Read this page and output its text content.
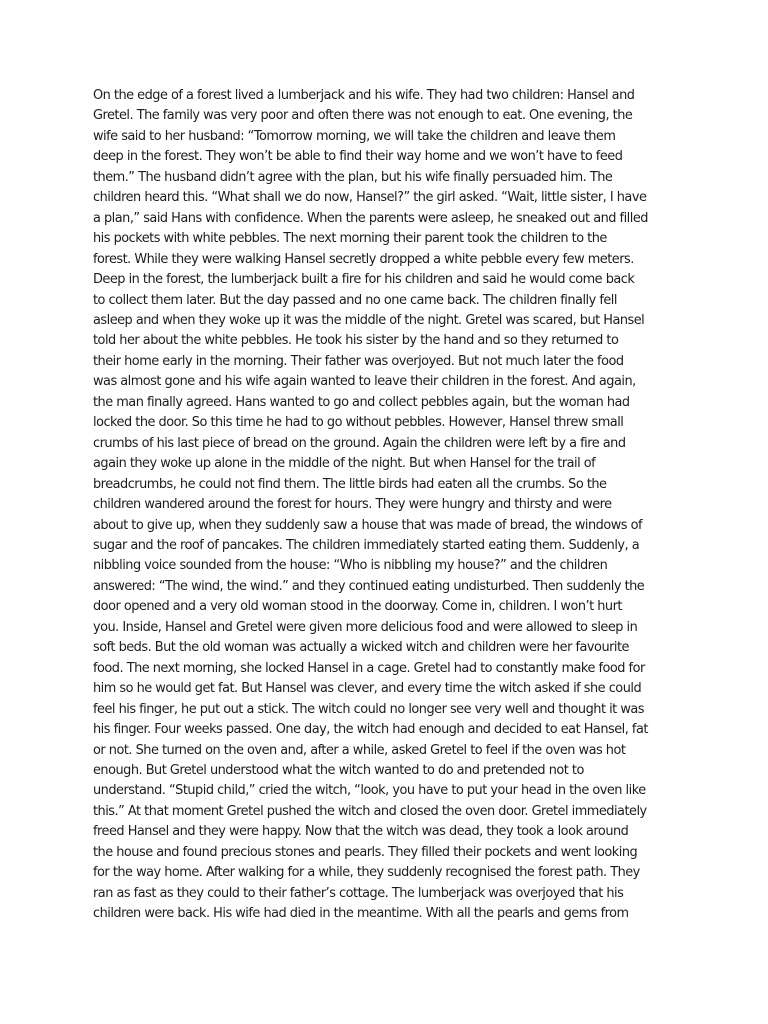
On the edge of a forest lived a lumberjack and his wife. They had two children: Hansel and
Gretel. The family was very poor and often there was not enough to eat. One evening, the
wife said to her husband: “Tomorrow morning, we will take the children and leave them
deep in the forest. They won’t be able to find their way home and we won’t have to feed
them.” The husband didn’t agree with the plan, but his wife finally persuaded him. The
children heard this. “What shall we do now, Hansel?” the girl asked. “Wait, little sister, I have
a plan,” said Hans with confidence. When the parents were asleep, he sneaked out and filled
his pockets with white pebbles. The next morning their parent took the children to the
forest. While they were walking Hansel secretly dropped a white pebble every few meters.
Deep in the forest, the lumberjack built a fire for his children and said he would come back
to collect them later. But the day passed and no one came back. The children finally fell
asleep and when they woke up it was the middle of the night. Gretel was scared, but Hansel
told her about the white pebbles. He took his sister by the hand and so they returned to
their home early in the morning. Their father was overjoyed. But not much later the food
was almost gone and his wife again wanted to leave their children in the forest. And again,
the man finally agreed. Hans wanted to go and collect pebbles again, but the woman had
locked the door. So this time he had to go without pebbles. However, Hansel threw small
crumbs of his last piece of bread on the ground. Again the children were left by a fire and
again they woke up alone in the middle of the night. But when Hansel for the trail of
breadcrumbs, he could not find them. The little birds had eaten all the crumbs. So the
children wandered around the forest for hours. They were hungry and thirsty and were
about to give up, when they suddenly saw a house that was made of bread, the windows of
sugar and the roof of pancakes. The children immediately started eating them. Suddenly, a
nibbling voice sounded from the house: “Who is nibbling my house?” and the children
answered: “The wind, the wind.” and they continued eating undisturbed. Then suddenly the
door opened and a very old woman stood in the doorway. Come in, children. I won’t hurt
you. Inside, Hansel and Gretel were given more delicious food and were allowed to sleep in
soft beds. But the old woman was actually a wicked witch and children were her favourite
food. The next morning, she locked Hansel in a cage. Gretel had to constantly make food for
him so he would get fat. But Hansel was clever, and every time the witch asked if she could
feel his finger, he put out a stick. The witch could no longer see very well and thought it was
his finger. Four weeks passed. One day, the witch had enough and decided to eat Hansel, fat
or not. She turned on the oven and, after a while, asked Gretel to feel if the oven was hot
enough. But Gretel understood what the witch wanted to do and pretended not to
understand. “Stupid child,” cried the witch, “look, you have to put your head in the oven like
this.” At that moment Gretel pushed the witch and closed the oven door. Gretel immediately
freed Hansel and they were happy. Now that the witch was dead, they took a look around
the house and found precious stones and pearls. They filled their pockets and went looking
for the way home. After walking for a while, they suddenly recognised the forest path. They
ran as fast as they could to their father’s cottage. The lumberjack was overjoyed that his
children were back. His wife had died in the meantime. With all the pearls and gems from
